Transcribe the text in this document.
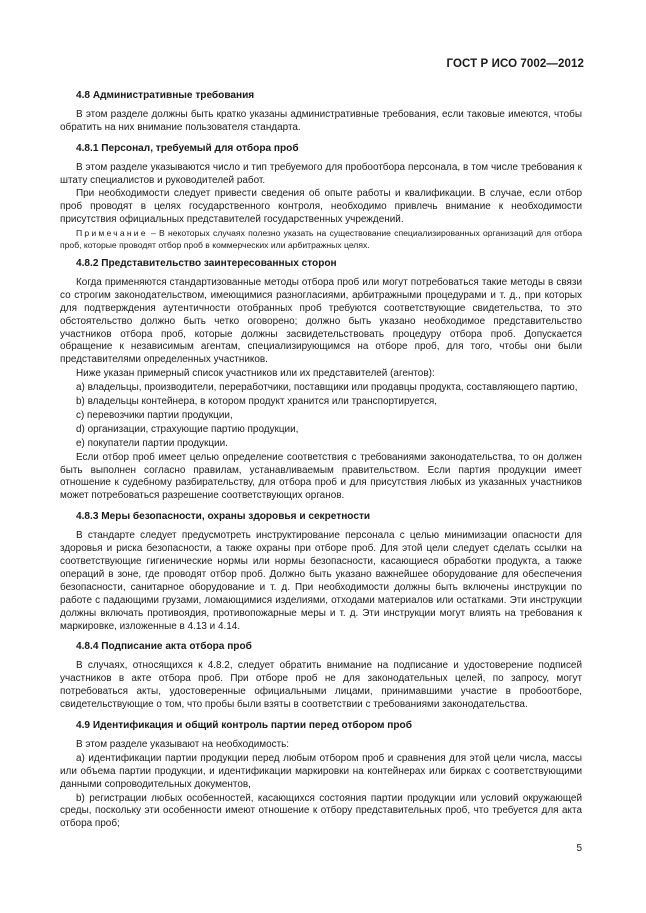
ГОСТ Р ИСО 7002—2012
4.8 Административные требования
В этом разделе должны быть кратко указаны административные требования, если таковые имеются, чтобы обратить на них внимание пользователя стандарта.
4.8.1 Персонал, требуемый для отбора проб
В этом разделе указываются число и тип требуемого для пробоотбора персонала, в том числе требования к штату специалистов и руководителей работ.
При необходимости следует привести сведения об опыте работы и квалификации. В случае, если отбор проб проводят в целях государственного контроля, необходимо привлечь внимание к необходимости присутствия официальных представителей государственных учреждений.
Примечание – В некоторых случаях полезно указать на существование специализированных организаций для отбора проб, которые проводят отбор проб в коммерческих или арбитражных целях.
4.8.2 Представительство заинтересованных сторон
Когда применяются стандартизованные методы отбора проб или могут потребоваться такие методы в связи со строгим законодательством, имеющимися разногласиями, арбитражными процедурами и т. д., при которых для подтверждения аутентичности отобранных проб требуются соответствующие свидетельства, то это обстоятельство должно быть четко оговорено; должно быть указано необходимое представительство участников отбора проб, которые должны засвидетельствовать процедуру отбора проб. Допускается обращение к независимым агентам, специализирующимся на отборе проб, для того, чтобы они были представителями определенных участников.
Ниже указан примерный список участников или их представителей (агентов):
a) владельцы, производители, переработчики, поставщики или продавцы продукта, составляющего партию,
b) владельцы контейнера, в котором продукт хранится или транспортируется,
c) перевозчики партии продукции,
d) организации, страхующие партию продукции,
e) покупатели партии продукции.
Если отбор проб имеет целью определение соответствия с требованиями законодательства, то он должен быть выполнен согласно правилам, устанавливаемым правительством. Если партия продукции имеет отношение к судебному разбирательству, для отбора проб и для присутствия любых из указанных участников может потребоваться разрешение соответствующих органов.
4.8.3 Меры безопасности, охраны здоровья и секретности
В стандарте следует предусмотреть инструктирование персонала с целью минимизации опасности для здоровья и риска безопасности, а также охраны при отборе проб. Для этой цели следует сделать ссылки на соответствующие гигиенические нормы или нормы безопасности, касающиеся обработки продукта, а также операций в зоне, где проводят отбор проб. Должно быть указано важнейшее оборудование для обеспечения безопасности, санитарное оборудование и т. д. При необходимости должны быть включены инструкции по работе с падающими грузами, ломающимися изделиями, отходами материалов или остатками. Эти инструкции должны включать противоядия, противопожарные меры и т. д. Эти инструкции могут влиять на требования к маркировке, изложенные в 4.13 и 4.14.
4.8.4 Подписание акта отбора проб
В случаях, относящихся к 4.8.2, следует обратить внимание на подписание и удостоверение подписей участников в акте отбора проб. При отборе проб не для законодательных целей, по запросу, могут потребоваться акты, удостоверенные официальными лицами, принимавшими участие в пробоотборе, свидетельствующие о том, что пробы были взяты в соответствии с требованиями законодательства.
4.9 Идентификация и общий контроль партии перед отбором проб
В этом разделе указывают на необходимость:
a) идентификации партии продукции перед любым отбором проб и сравнения для этой цели числа, массы или объема партии продукции, и идентификации маркировки на контейнерах или бирках с соответствующими данными сопроводительных документов,
b) регистрации любых особенностей, касающихся состояния партии продукции или условий окружающей среды, поскольку эти особенности имеют отношение к отбору представительных проб, что требуется для акта отбора проб;
5
